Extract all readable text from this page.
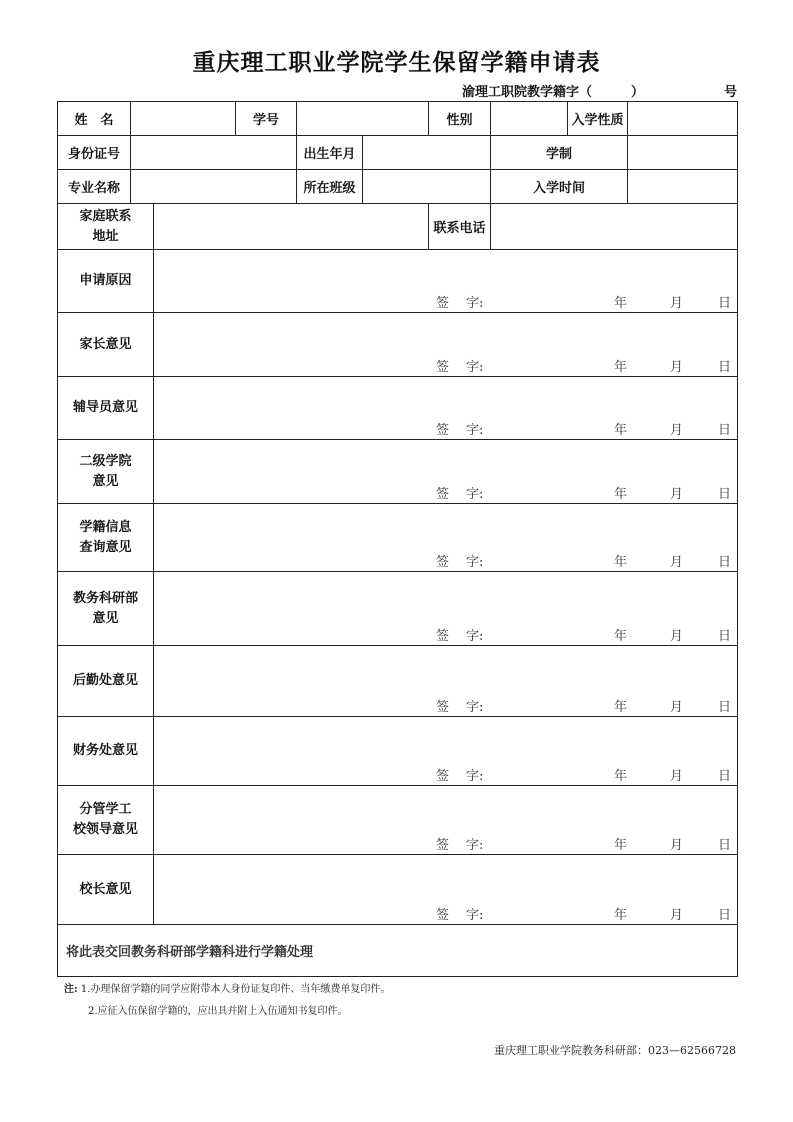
重庆理工职业学院学生保留学籍申请表
渝理工职院教学籍字（　　　）	号
姓　名			学号			性别		入学性质	
身份证号				出生年月			学制		
专业名称				所在班级			入学时间		

家庭联系
地址						联系电话			

申请原因		签 字: 年 月 日							

家长意见		签 字: 年 月 日							

辅导员意见		签 字: 年 月 日							

二级学院
意见		签 字: 年 月 日							

学籍信息
查询意见		签 字: 年 月 日							

教务科研部
意见		签 字: 年 月 日							

后勤处意见		签 字: 年 月 日							

财务处意见		签 字: 年 月 日							

分管学工
校领导意见		签 字: 年 月 日							

校长意见		签 字: 年 月 日							

将此表交回教务科研部学籍科进行学籍处理									
注: 1.办理保留学籍的同学应附带本人身份证复印件、当年缴费单复印件。
2.应征入伍保留学籍的，应出具并附上入伍通知书复印件。
重庆理工职业学院教务科研部：023—62566728
